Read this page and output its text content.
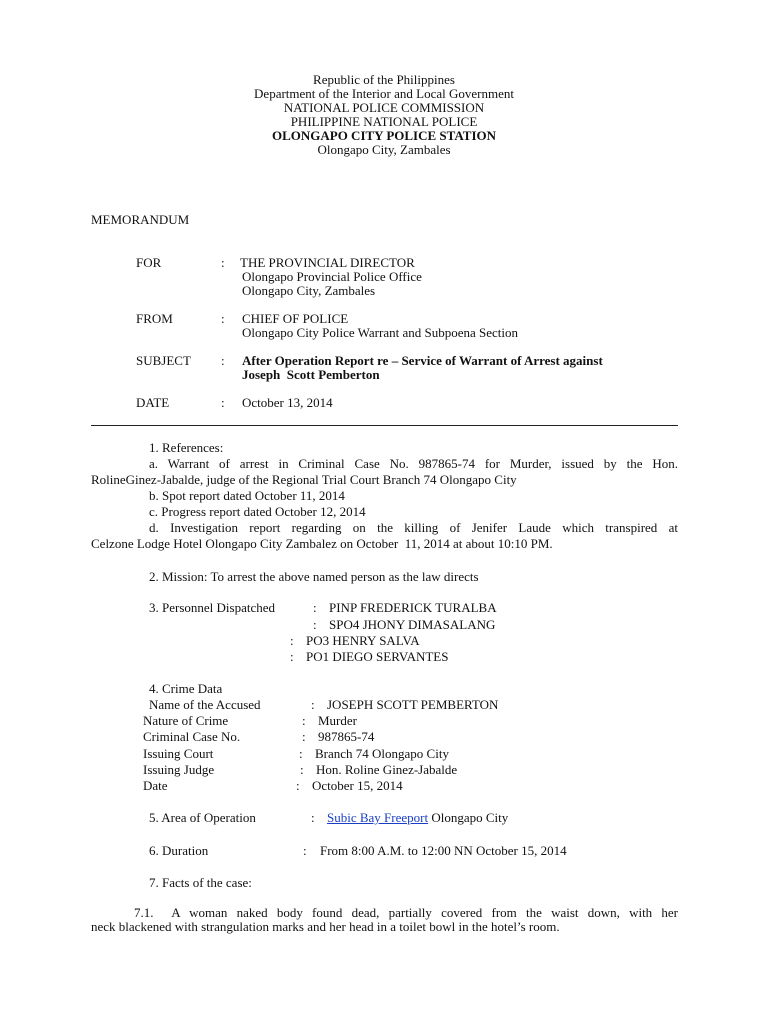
Republic of the Philippines
Department of the Interior and Local Government
NATIONAL POLICE COMMISSION
PHILIPPINE NATIONAL POLICE
OLONGAPO CITY POLICE STATION
Olongapo City, Zambales
MEMORANDUM
FOR	: THE PROVINCIAL DIRECTOR
Olongapo Provincial Police Office
Olongapo City, Zambales
FROM	: CHIEF OF POLICE
Olongapo City Police Warrant and Subpoena Section
SUBJECT : After Operation Report re – Service of Warrant of Arrest against
Joseph  Scott Pemberton
DATE	: October 13, 2014
1. References:
a. Warrant of arrest in Criminal Case No. 987865-74 for Murder, issued by the Hon.
RolineGinez-Jabalde, judge of the Regional Trial Court Branch 74 Olongapo City
b. Spot report dated October 11, 2014
c. Progress report dated October 12, 2014
d. Investigation report regarding on the killing of Jenifer Laude which transpired at
Celzone Lodge Hotel Olongapo City Zambalez on October  11, 2014 at about 10:10 PM.
2. Mission: To arrest the above named person as the law directs
3. Personnel Dispatched	: PINP FREDERICK TURALBA
: SPO4 JHONY DIMASALANG
: PO3 HENRY SALVA
: PO1 DIEGO SERVANTES
4. Crime Data
Name of the Accused	: JOSEPH SCOTT PEMBERTON
Nature of Crime	: Murder
Criminal Case No.	: 987865-74
Issuing Court	: Branch 74 Olongapo City
Issuing Judge	: Hon. Roline Ginez-Jabalde
Date	: October 15, 2014
5. Area of Operation	: Subic Bay Freeport Olongapo City
6. Duration	: From 8:00 A.M. to 12:00 NN October 15, 2014
7. Facts of the case:
7.1.  A woman naked body found dead, partially covered from the waist down, with her
neck blackened with strangulation marks and her head in a toilet bowl in the hotel’s room.
